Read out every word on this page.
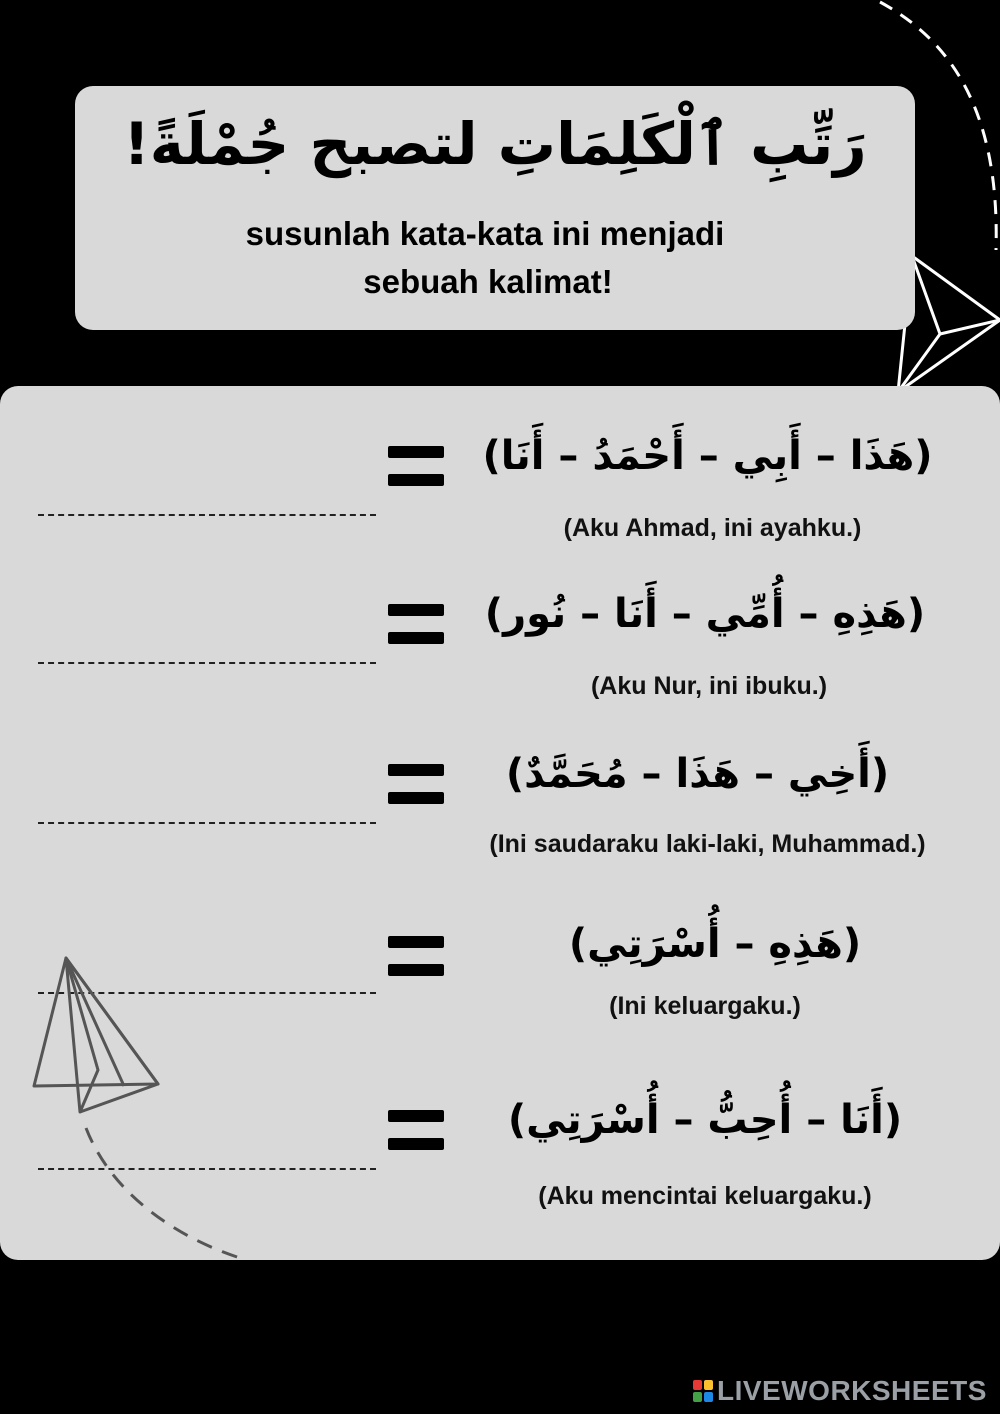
رَتِّبِ ٱلْكَلِمَاتِ لتصبح جُمْلَةً!
susunlah kata-kata ini menjadi
sebuah kalimat!
(هَذَا – أَبِي – أَحْمَدُ – أَنَا)
(Aku Ahmad, ini ayahku.)
(هَذِهِ – أُمِّي – أَنَا – نُور)
(Aku Nur, ini ibuku.)
(أَخِي – هَذَا – مُحَمَّدٌ)
(Ini saudaraku laki-laki, Muhammad.)
(هَذِهِ – أُسْرَتِي)
(Ini keluargaku.)
(أَنَا – أُحِبُّ – أُسْرَتِي)
(Aku mencintai keluargaku.)
LIVEWORKSHEETS
